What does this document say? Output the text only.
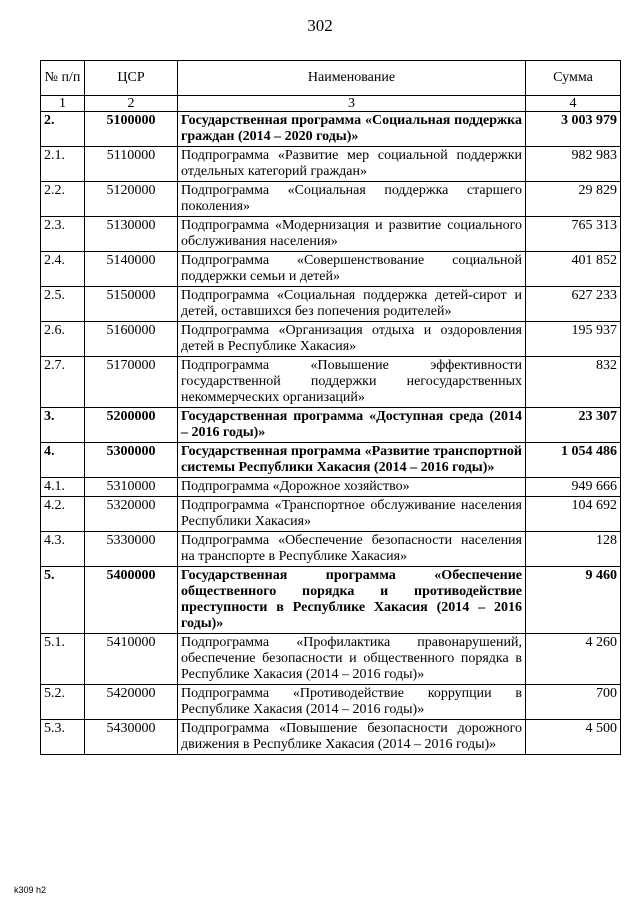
302
№ п/п	ЦСР	Наименование	Сумма
1	2	3	4
2.	5100000	Государственная программа «Социальная поддержка граждан (2014 – 2020 годы)»	3 003 979
2.1.	5110000	Подпрограмма «Развитие мер социальной поддержки отдельных категорий граждан»	982 983
2.2.	5120000	Подпрограмма «Социальная поддержка старшего поколения»	29 829
2.3.	5130000	Подпрограмма «Модернизация и развитие социального обслуживания населения»	765 313
2.4.	5140000	Подпрограмма «Совершенствование социальной поддержки семьи и детей»	401 852
2.5.	5150000	Подпрограмма «Социальная поддержка детей-сирот и детей, оставшихся без попечения родителей»	627 233
2.6.	5160000	Подпрограмма «Организация отдыха и оздоровления детей в Республике Хакасия»	195 937
2.7.	5170000	Подпрограмма «Повышение эффективности государственной поддержки негосударственных некоммерческих организаций»	832
3.	5200000	Государственная программа «Доступная среда (2014 – 2016 годы)»	23 307
4.	5300000	Государственная программа «Развитие транспортной системы Республики Хакасия (2014 – 2016 годы)»	1 054 486
4.1.	5310000	Подпрограмма «Дорожное хозяйство»	949 666
4.2.	5320000	Подпрограмма «Транспортное обслуживание населения Республики Хакасия»	104 692
4.3.	5330000	Подпрограмма «Обеспечение безопасности населения на транспорте в Республике Хакасия»	128
5.	5400000	Государственная программа «Обеспечение общественного порядка и противодействие преступности в Республике Хакасия (2014 – 2016 годы)»	9 460
5.1.	5410000	Подпрограмма «Профилактика правонарушений, обеспечение безопасности и общественного порядка в Республике Хакасия (2014 – 2016 годы)»	4 260
5.2.	5420000	Подпрограмма «Противодействие коррупции в Республике Хакасия (2014 – 2016 годы)»	700
5.3.	5430000	Подпрограмма «Повышение безопасности дорожного движения в Республике Хакасия (2014 – 2016 годы)»	4 500
k309 h2
